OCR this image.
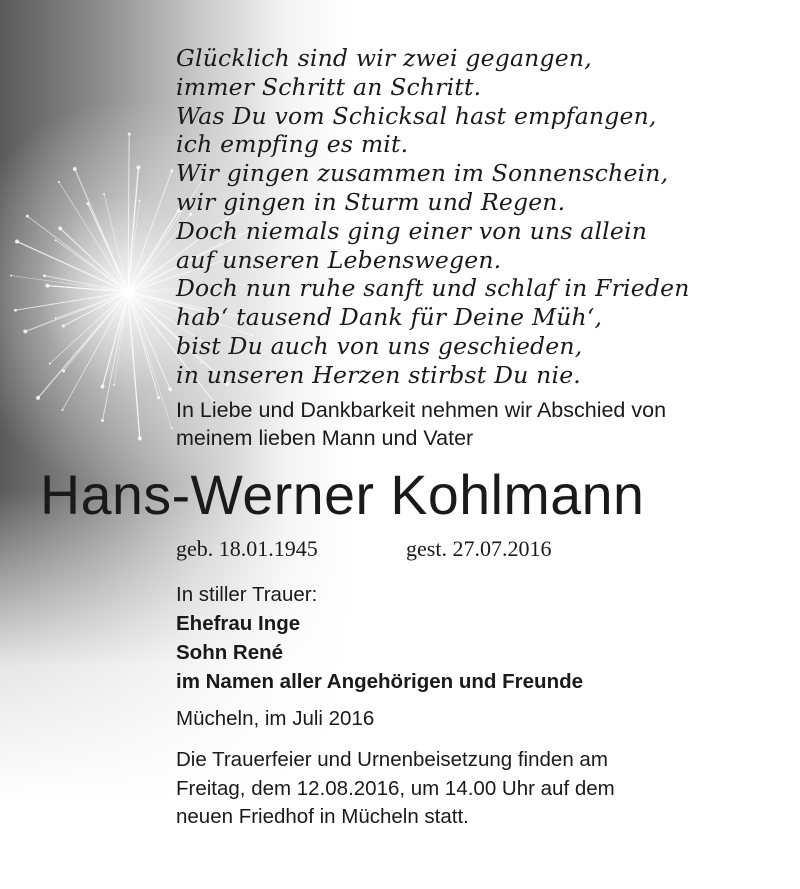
Glücklich sind wir zwei gegangen,
immer Schritt an Schritt.
Was Du vom Schicksal hast empfangen,
ich empfing es mit.
Wir gingen zusammen im Sonnenschein,
wir gingen in Sturm und Regen.
Doch niemals ging einer von uns allein
auf unseren Lebenswegen.
Doch nun ruhe sanft und schlaf in Frieden
hab‘ tausend Dank für Deine Müh‘,
bist Du auch von uns geschieden,
in unseren Herzen stirbst Du nie.
In Liebe und Dankbarkeit nehmen wir Abschied von
meinem lieben Mann und Vater
Hans-Werner Kohlmann
geb. 18.01.1945	gest. 27.07.2016
In stiller Trauer:
Ehefrau Inge
Sohn René
im Namen aller Angehörigen und Freunde
Mücheln, im Juli 2016
Die Trauerfeier und Urnenbeisetzung finden am
Freitag, dem 12.08.2016, um 14.00 Uhr auf dem
neuen Friedhof in Mücheln statt.
